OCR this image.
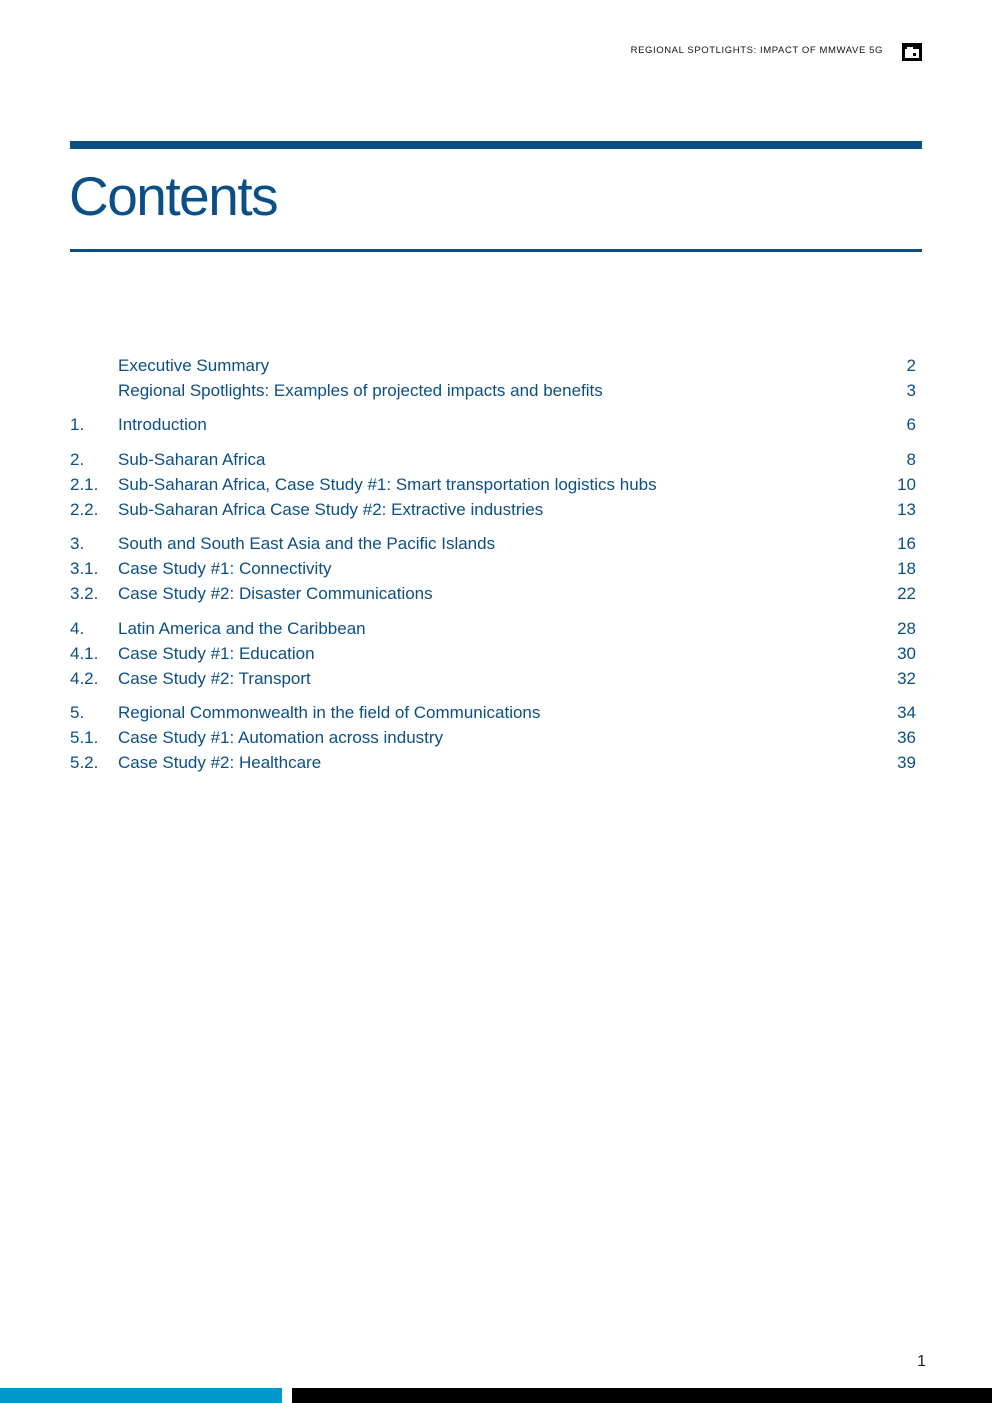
REGIONAL SPOTLIGHTS: IMPACT OF MMWAVE 5G
Contents
Executive Summary	2
Regional Spotlights: Examples of projected impacts and benefits	3
1. Introduction	6
2. Sub-Saharan Africa	8
2.1. Sub-Saharan Africa, Case Study #1: Smart transportation logistics hubs	10
2.2. Sub-Saharan Africa Case Study #2: Extractive industries	13
3. South and South East Asia and the Pacific Islands	16
3.1. Case Study #1: Connectivity	18
3.2. Case Study #2: Disaster Communications	22
4. Latin America and the Caribbean	28
4.1. Case Study #1: Education	30
4.2. Case Study #2: Transport	32
5. Regional Commonwealth in the field of Communications	34
5.1. Case Study #1: Automation across industry	36
5.2. Case Study #2: Healthcare	39
1
